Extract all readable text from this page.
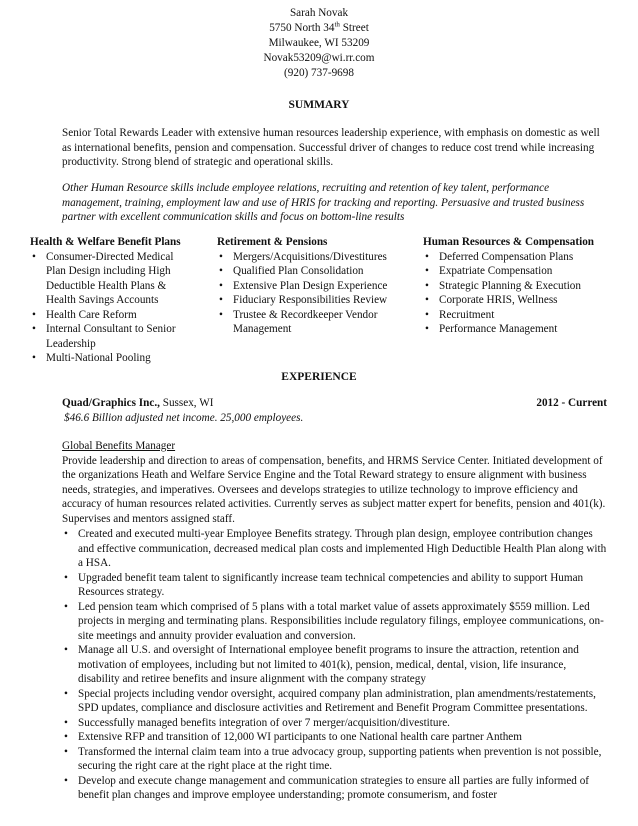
Sarah Novak
5750 North 34th Street
Milwaukee, WI 53209
Novak53209@wi.rr.com
(920) 737-9698
SUMMARY
Senior Total Rewards Leader with extensive human resources leadership experience, with emphasis on domestic as well as international benefits, pension and compensation. Successful driver of changes to reduce cost trend while increasing productivity. Strong blend of strategic and operational skills.
Other Human Resource skills include employee relations, recruiting and retention of key talent, performance management, training, employment law and use of HRIS for tracking and reporting. Persuasive and trusted business partner with excellent communication skills and focus on bottom-line results
Health & Welfare Benefit Plans
• Consumer-Directed Medical Plan Design including High Deductible Health Plans & Health Savings Accounts
• Health Care Reform
• Internal Consultant to Senior Leadership
• Multi-National Pooling
Retirement & Pensions
• Mergers/Acquisitions/Divestitures
• Qualified Plan Consolidation
• Extensive Plan Design Experience
• Fiduciary Responsibilities Review
• Trustee & Recordkeeper Vendor Management
Human Resources & Compensation
• Deferred Compensation Plans
• Expatriate Compensation
• Strategic Planning & Execution
• Corporate HRIS, Wellness
• Recruitment
• Performance Management
EXPERIENCE
Quad/Graphics Inc., Sussex, WI	2012 - Current
$46.6 Billion adjusted net income. 25,000 employees.
Global Benefits Manager
Provide leadership and direction to areas of compensation, benefits, and HRMS Service Center. Initiated development of the organizations Heath and Welfare Service Engine and the Total Reward strategy to ensure alignment with business needs, strategies, and imperatives. Oversees and develops strategies to utilize technology to improve efficiency and accuracy of human resources related activities. Currently serves as subject matter expert for benefits, pension and 401(k). Supervises and mentors assigned staff.
• Created and executed multi-year Employee Benefits strategy. Through plan design, employee contribution changes and effective communication, decreased medical plan costs and implemented High Deductible Health Plan along with a HSA.
• Upgraded benefit team talent to significantly increase team technical competencies and ability to support Human Resources strategy.
• Led pension team which comprised of 5 plans with a total market value of assets approximately $559 million. Led projects in merging and terminating plans. Responsibilities include regulatory filings, employee communications, on-site meetings and annuity provider evaluation and conversion.
• Manage all U.S. and oversight of International employee benefit programs to insure the attraction, retention and motivation of employees, including but not limited to 401(k), pension, medical, dental, vision, life insurance, disability and retiree benefits and insure alignment with the company strategy
• Special projects including vendor oversight, acquired company plan administration, plan amendments/restatements, SPD updates, compliance and disclosure activities and Retirement and Benefit Program Committee presentations.
• Successfully managed benefits integration of over 7 merger/acquisition/divestiture.
• Extensive RFP and transition of 12,000 WI participants to one National health care partner Anthem
• Transformed the internal claim team into a true advocacy group, supporting patients when prevention is not possible, securing the right care at the right place at the right time.
• Develop and execute change management and communication strategies to ensure all parties are fully informed of benefit plan changes and improve employee understanding; promote consumerism, and foster
